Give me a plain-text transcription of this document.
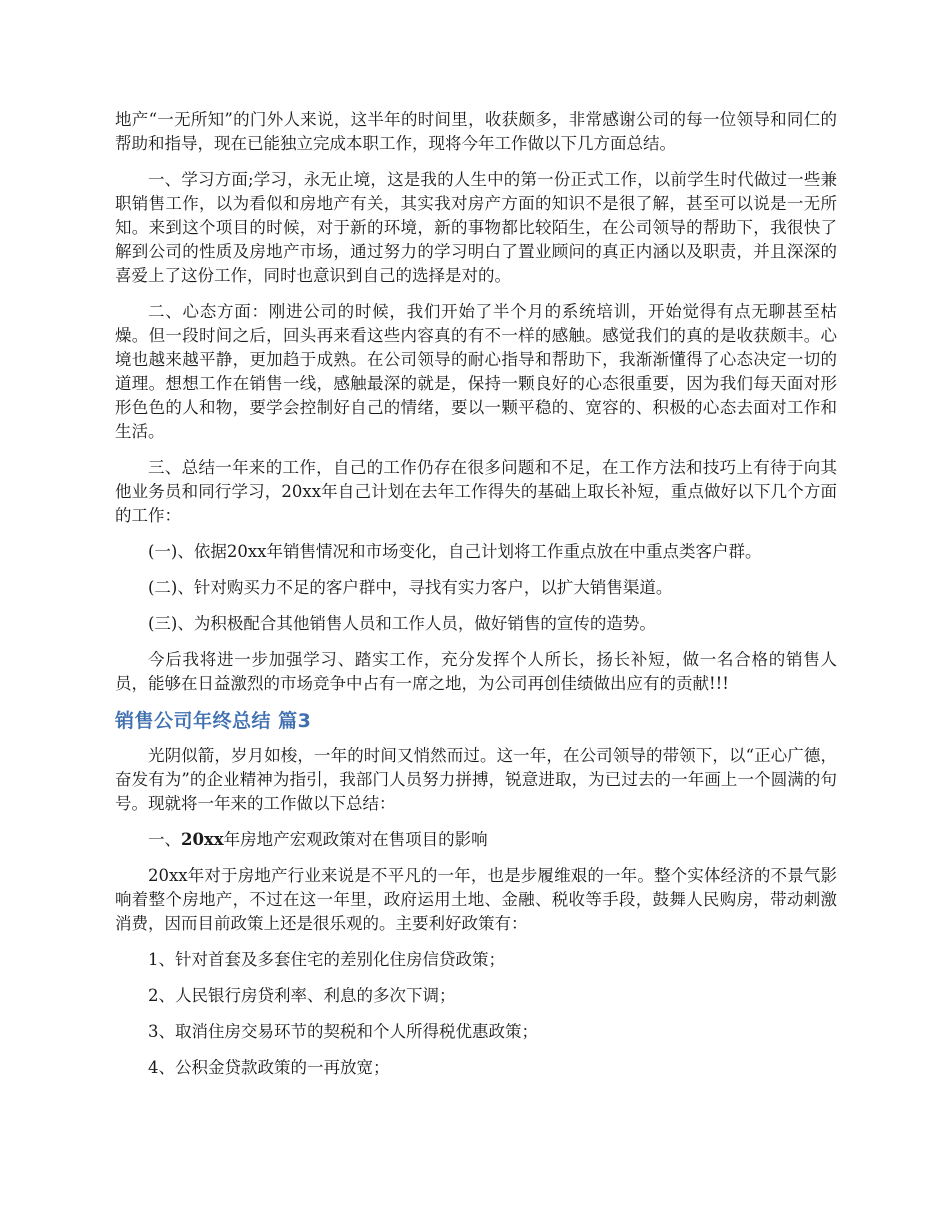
地产“一无所知”的门外人来说，这半年的时间里，收获颇多，非常感谢公司的每一位领导和同仁的帮助和指导，现在已能独立完成本职工作，现将今年工作做以下几方面总结。

一、学习方面;学习，永无止境，这是我的人生中的第一份正式工作，以前学生时代做过一些兼职销售工作，以为看似和房地产有关，其实我对房产方面的知识不是很了解，甚至可以说是一无所知。来到这个项目的时候，对于新的环境，新的事物都比较陌生，在公司领导的帮助下，我很快了解到公司的性质及房地产市场，通过努力的学习明白了置业顾问的真正内涵以及职责，并且深深的喜爱上了这份工作，同时也意识到自己的选择是对的。

二、心态方面：刚进公司的时候，我们开始了半个月的系统培训，开始觉得有点无聊甚至枯燥。但一段时间之后，回头再来看这些内容真的有不一样的感触。感觉我们的真的是收获颇丰。心境也越来越平静，更加趋于成熟。在公司领导的耐心指导和帮助下，我渐渐懂得了心态决定一切的道理。想想工作在销售一线，感触最深的就是，保持一颗良好的心态很重要，因为我们每天面对形形色色的人和物，要学会控制好自己的情绪，要以一颗平稳的、宽容的、积极的心态去面对工作和生活。

三、总结一年来的工作，自己的工作仍存在很多问题和不足，在工作方法和技巧上有待于向其他业务员和同行学习，20xx年自己计划在去年工作得失的基础上取长补短，重点做好以下几个方面的工作：

(一)、依据20xx年销售情况和市场变化，自己计划将工作重点放在中重点类客户群。

(二)、针对购买力不足的客户群中，寻找有实力客户，以扩大销售渠道。

(三)、为积极配合其他销售人员和工作人员，做好销售的宣传的造势。

今后我将进一步加强学习、踏实工作，充分发挥个人所长，扬长补短，做一名合格的销售人员，能够在日益激烈的市场竞争中占有一席之地，为公司再创佳绩做出应有的贡献!!!

销售公司年终总结 篇3

光阴似箭，岁月如梭，一年的时间又悄然而过。这一年，在公司领导的带领下，以“正心广德，奋发有为”的企业精神为指引，我部门人员努力拼搏，锐意进取，为已过去的一年画上一个圆满的句号。现就将一年来的工作做以下总结：

一、20xx年房地产宏观政策对在售项目的影响

20xx年对于房地产行业来说是不平凡的一年，也是步履维艰的一年。整个实体经济的不景气影响着整个房地产，不过在这一年里，政府运用土地、金融、税收等手段，鼓舞人民购房，带动刺激消费，因而目前政策上还是很乐观的。主要利好政策有：

1、针对首套及多套住宅的差别化住房信贷政策；

2、人民银行房贷利率、利息的多次下调；

3、取消住房交易环节的契税和个人所得税优惠政策；

4、公积金贷款政策的一再放宽；
